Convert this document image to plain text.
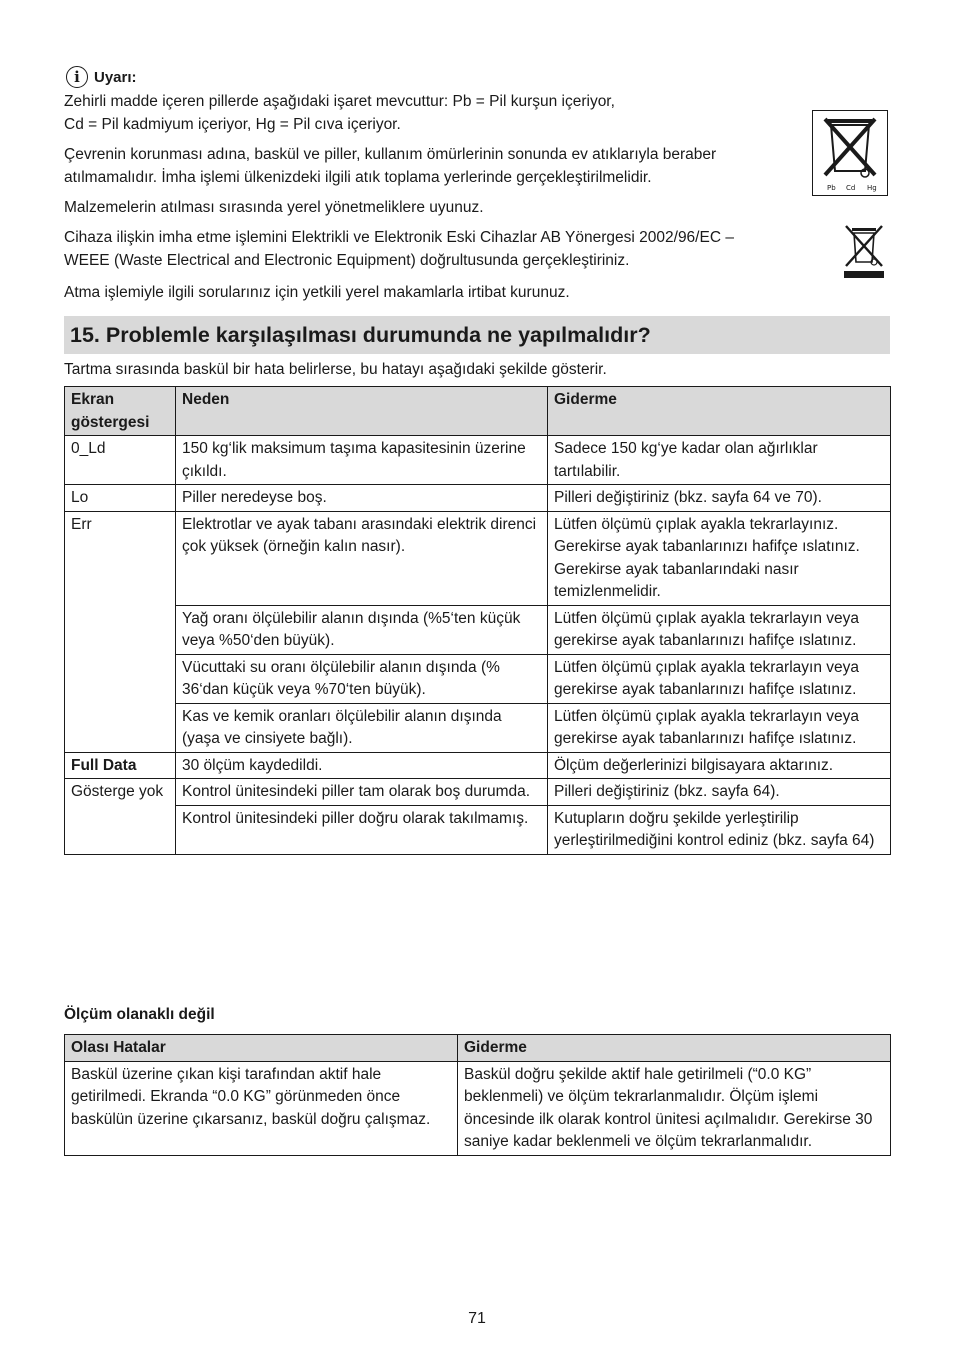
i Uyarı:

Zehirli madde içeren pillerde aşağıdaki işaret mevcuttur: Pb = Pil kurşun içeriyor,
Cd = Pil kadmiyum içeriyor, Hg = Pil cıva içeriyor.

Çevrenin korunması adına, baskül ve piller, kullanım ömürlerinin sonunda ev atıklarıyla beraber
atılmamalıdır. İmha işlemi ülkenizdeki ilgili atık toplama yerlerinde gerçekleştirilmelidir.

Malzemelerin atılması sırasında yerel yönetmeliklere uyunuz.

Cihaza ilişkin imha etme işlemini Elektrikli ve Elektronik Eski Cihazlar AB Yönergesi 2002/96/EC –
WEEE (Waste Electrical and Electronic Equipment) doğrultusunda gerçekleştiriniz.

Atma işlemiyle ilgili sorularınız için yetkili yerel makamlarla irtibat kurunuz.

Pb Cd Hg
15. Problemle karşılaşılması durumunda ne yapılmalıdır?
Tartma sırasında baskül bir hata belirlerse, bu hatayı aşağıdaki şekilde gösterir.
Ekran göstergesi	Neden	Giderme
0_Ld	150 kg‘lik maksimum taşıma kapasitesinin üzerine çıkıldı.	Sadece 150 kg‘ye kadar olan ağırlıklar tartılabilir.
Lo	Piller neredeyse boş.	Pilleri değiştiriniz (bkz. sayfa 64 ve 70).
Err	Elektrotlar ve ayak tabanı arasındaki elektrik direnci çok yüksek (örneğin kalın nasır).	Lütfen ölçümü çıplak ayakla tekrarlayınız. Gerekirse ayak tabanlarınızı hafifçe ıslatınız. Gerekirse ayak tabanlarındaki nasır temizlenmelidir.
	Yağ oranı ölçülebilir alanın dışında (%5‘ten küçük veya %50‘den büyük).	Lütfen ölçümü çıplak ayakla tekrarlayın veya gerekirse ayak tabanlarınızı hafifçe ıslatınız.
	Vücuttaki su oranı ölçülebilir alanın dışında (% 36‘dan küçük veya %70‘ten büyük).	Lütfen ölçümü çıplak ayakla tekrarlayın veya gerekirse ayak tabanlarınızı hafifçe ıslatınız.
	Kas ve kemik oranları ölçülebilir alanın dışında (yaşa ve cinsiyete bağlı).	Lütfen ölçümü çıplak ayakla tekrarlayın veya gerekirse ayak tabanlarınızı hafifçe ıslatınız.
Full Data	30 ölçüm kaydedildi.	Ölçüm değerlerinizi bilgisayara aktarınız.
Gösterge yok	Kontrol ünitesindeki piller tam olarak boş durumda.	Pilleri değiştiriniz (bkz. sayfa 64).
	Kontrol ünitesindeki piller doğru olarak takılmamış.	Kutupların doğru şekilde yerleştirilip yerleştirilmediğini kontrol ediniz (bkz. sayfa 64)
Ölçüm olanaklı değil
Olası Hatalar	Giderme
Baskül üzerine çıkan kişi tarafından aktif hale getirilmedi. Ekranda “0.0 KG” görünmeden önce baskülün üzerine çıkarsanız, baskül doğru çalışmaz.	Baskül doğru şekilde aktif hale getirilmeli (“0.0 KG” beklenmeli) ve ölçüm tekrarlanmalıdır. Ölçüm işlemi öncesinde ilk olarak kontrol ünitesi açılmalıdır. Gerekirse 30 saniye kadar beklenmeli ve ölçüm tekrarlanmalıdır.
71
